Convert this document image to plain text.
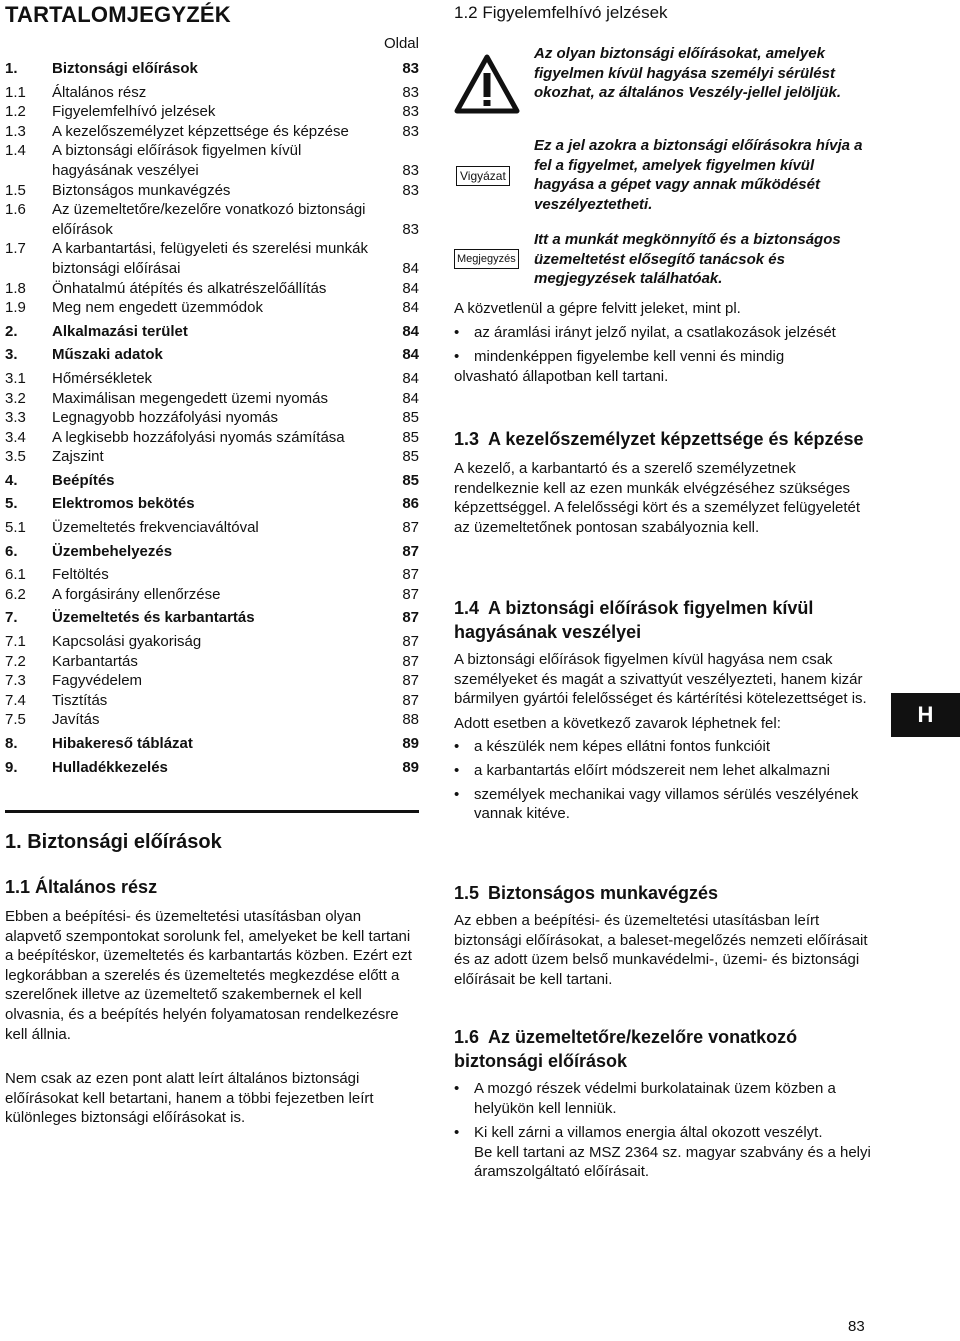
TARTALOMJEGYZÉK
Oldal
1. Biztonsági előírások	83
1.1 Általános rész	83
1.2 Figyelemfelhívó jelzések	83
1.3 A kezelőszemélyzet képzettsége és képzése	83
1.4 A biztonsági előírások figyelmen kívül hagyásának veszélyei	83
1.5 Biztonságos munkavégzés	83
1.6 Az üzemeltetőre/kezelőre vonatkozó biztonsági előírások	83
1.7 A karbantartási, felügyeleti és szerelési munkák biztonsági előírásai	84
1.8 Önhatalmú átépítés és alkatrészelőállítás	84
1.9 Meg nem engedett üzemmódok	84
2. Alkalmazási terület	84
3. Műszaki adatok	84
3.1 Hőmérsékletek	84
3.2 Maximálisan megengedett üzemi nyomás	84
3.3 Legnagyobb hozzáfolyási nyomás	85
3.4 A legkisebb hozzáfolyási nyomás számítása	85
3.5 Zajszint	85
4. Beépítés	85
5. Elektromos bekötés	86
5.1 Üzemeltetés frekvenciaváltóval	87
6. Üzembehelyezés	87
6.1 Feltöltés	87
6.2 A forgásirány ellenőrzése	87
7. Üzemeltetés és karbantartás	87
7.1 Kapcsolási gyakoriság	87
7.2 Karbantartás	87
7.3 Fagyvédelem	87
7.4 Tisztítás	87
7.5 Javítás	88
8. Hibakereső táblázat	89
9. Hulladékkezelés	89
1. Biztonsági előírások
1.1 Általános rész

Ebben a beépítési- és üzemeltetési utasításban olyan alapvető szempontokat sorolunk fel, amelyeket be kell tartani a beépítéskor, üzemeltetés és karbantartás közben. Ezért ezt legkorábban a szerelés és üzemeltetés megkezdése előtt a szerelőnek illetve az üzemeltető szakembernek el kell olvasnia, és a beépítés helyén folyamatosan rendelkezésre kell állnia.

Nem csak az ezen pont alatt leírt általános biztonsági előírásokat kell betartani, hanem a többi fejezetben leírt különleges biztonsági előírásokat is.

1.2 Figyelemfelhívó jelzések

Az olyan biztonsági előírásokat, amelyek figyelmen kívül hagyása személyi sérülést okozhat, az általános Veszély-jellel jelöljük.

Vigyázat

Ez a jel azokra a biztonsági előírásokra hívja a fel a figyelmet, amelyek figyelmen kívül hagyása a gépet vagy annak működését veszélyeztetheti.

Megjegyzés

Itt a munkát megkönnyítő és a biztonságos üzemeltetést elősegítő tanácsok és megjegyzések találhatóak.

A közvetlenül a gépre felvitt jeleket, mint pl.

• az áramlási irányt jelző nyilat, a csatlakozások jelzését
• mindenképpen figyelembe kell venni és mindig

olvasható állapotban kell tartani.

1.3 A kezelőszemélyzet képzettsége és képzése

A kezelő, a karbantartó és a szerelő személyzetnek rendelkeznie kell az ezen munkák elvégzéséhez szükséges képzettséggel. A felelősségi kört és a személyzet felügyeletét az üzemeltetőnek pontosan szabályoznia kell.

1.4 A biztonsági előírások figyelmen kívül hagyásának veszélyei

A biztonsági előírások figyelmen kívül hagyása nem csak személyeket és magát a szivattyút veszélyezteti, hanem kizár bármilyen gyártói felelősséget és kártérítési kötelezettséget is.

Adott esetben a következő zavarok léphetnek fel:

• a készülék nem képes ellátni fontos funkcióit
• a karbantartás előírt módszereit nem lehet alkalmazni
• személyek mechanikai vagy villamos sérülés veszélyének vannak kitéve.
1.5 Biztonságos munkavégzés

Az ebben a beépítési- és üzemeltetési utasításban leírt biztonsági előírásokat, a baleset-megelőzés nemzeti előírásait és az adott üzem belső munkavédelmi-, üzemi- és biztonsági előírásait be kell tartani.

1.6 Az üzemeltetőre/kezelőre vonatkozó biztonsági előírások
• A mozgó részek védelmi burkolatainak üzem közben a helyükön kell lenniük.
• Ki kell zárni a villamos energia által okozott veszélyt.
Be kell tartani az MSZ 2364 sz. magyar szabvány és a helyi áramszolgáltató előírásait.
H
83
